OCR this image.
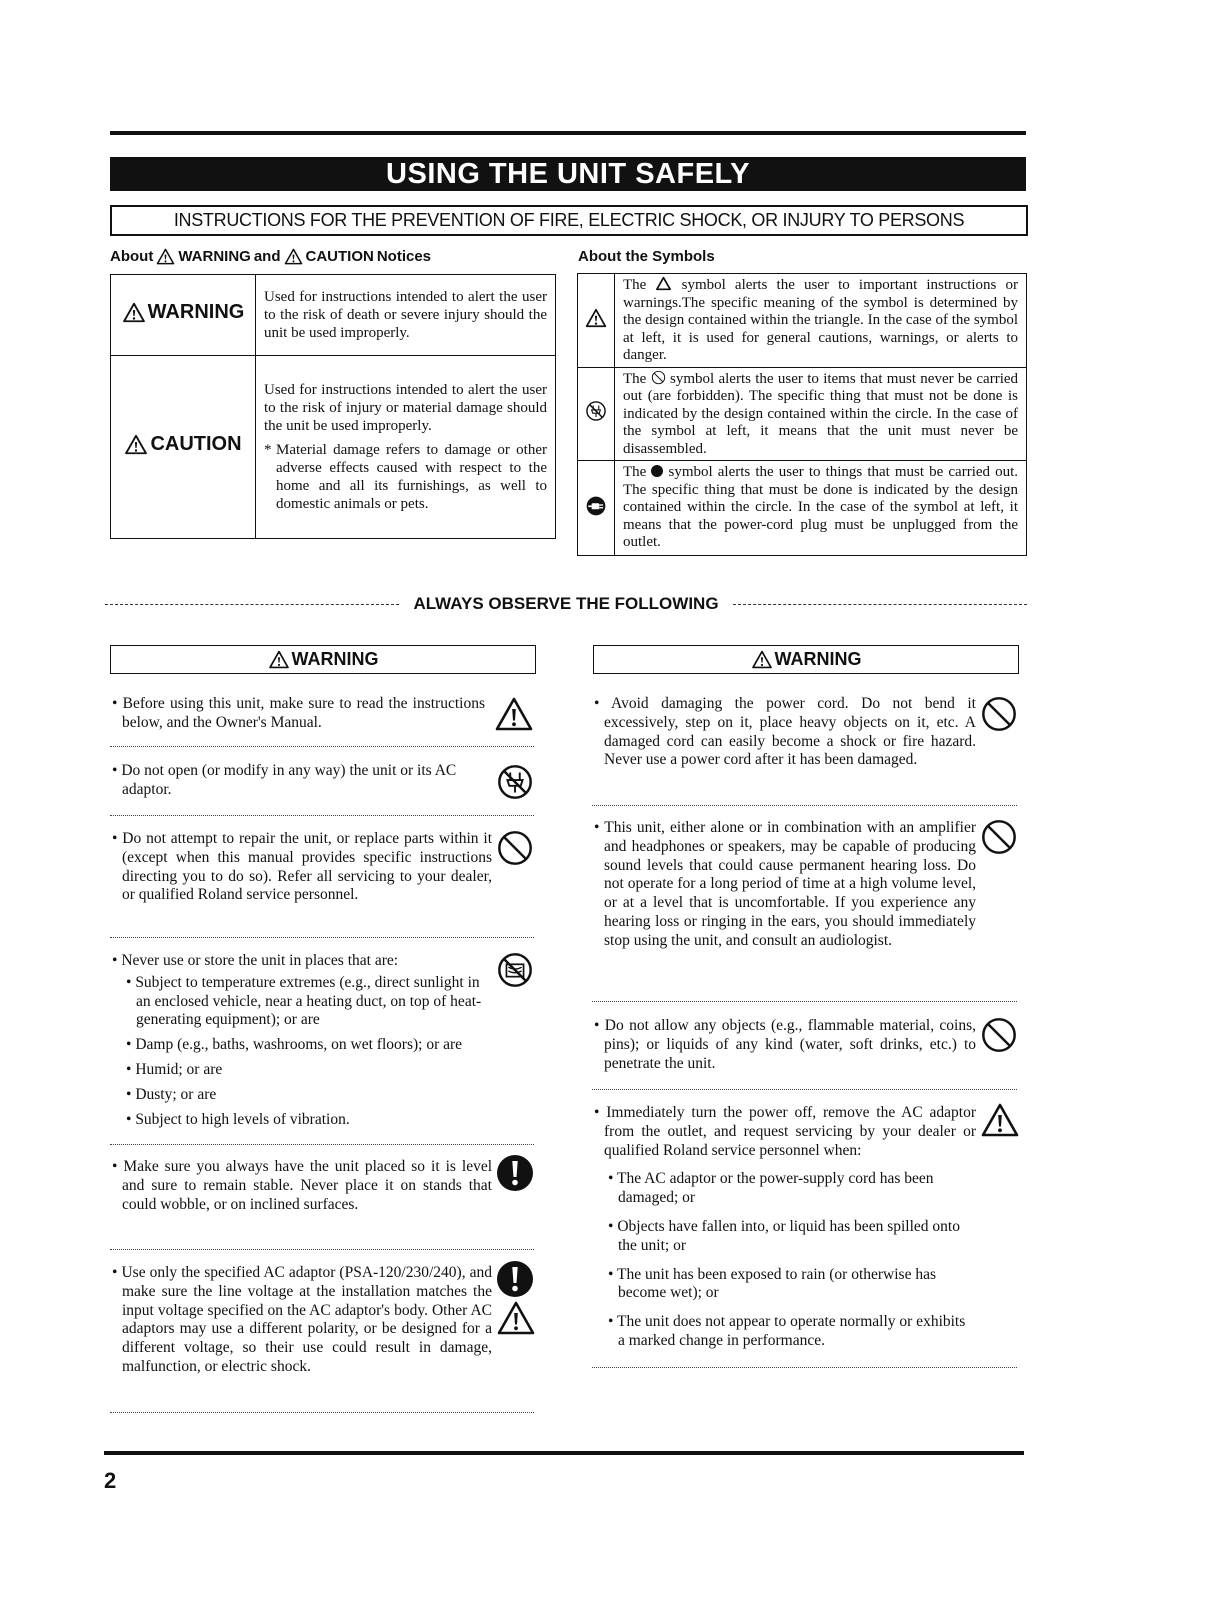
USING THE UNIT SAFELY
INSTRUCTIONS FOR THE PREVENTION OF FIRE, ELECTRIC SHOCK, OR INJURY TO PERSONS
About WARNING and CAUTION Notices
WARNING	Used for instructions intended to alert the user to the risk of death or severe injury should the unit be used improperly.

CAUTION	Used for instructions intended to alert the user to the risk of injury or material damage should the unit be used improperly.
* Material damage refers to damage or other adverse effects caused with respect to the home and all its furnishings, as well to domestic animals or pets.
About the Symbols
	The symbol alerts the user to important instructions or warnings.The specific meaning of the symbol is determined by the design contained within the triangle. In the case of the symbol at left, it is used for general cautions, warnings, or alerts to danger.

	The symbol alerts the user to items that must never be carried out (are forbidden). The specific thing that must not be done is indicated by the design contained within the circle. In the case of the symbol at left, it means that the unit must never be disassembled.

	The symbol alerts the user to things that must be carried out. The specific thing that must be done is indicated by the design contained within the circle. In the case of the symbol at left, it means that the power-cord plug must be unplugged from the outlet.
ALWAYS OBSERVE THE FOLLOWING
WARNING
• Before using this unit, make sure to read the instructions below, and the Owner's Manual.
• Do not open (or modify in any way) the unit or its AC adaptor.
• Do not attempt to repair the unit, or replace parts within it (except when this manual provides specific instructions directing you to do so). Refer all servicing to your dealer, or qualified Roland service personnel.
• Never use or store the unit in places that are:
• Subject to temperature extremes (e.g., direct sunlight in an enclosed vehicle, near a heating duct, on top of heat-generating equipment); or are
• Damp (e.g., baths, washrooms, on wet floors); or are
• Humid; or are
• Dusty; or are
• Subject to high levels of vibration.
• Make sure you always have the unit placed so it is level and sure to remain stable. Never place it on stands that could wobble, or on inclined surfaces.
• Use only the specified AC adaptor (PSA-120/230/240), and make sure the line voltage at the installation matches the input voltage specified on the AC adaptor's body. Other AC adaptors may use a different polarity, or be designed for a different voltage, so their use could result in damage, malfunction, or electric shock.
WARNING
• Avoid damaging the power cord. Do not bend it excessively, step on it, place heavy objects on it, etc. A damaged cord can easily become a shock or fire hazard. Never use a power cord after it has been damaged.
• This unit, either alone or in combination with an amplifier and headphones or speakers, may be capable of producing sound levels that could cause permanent hearing loss. Do not operate for a long period of time at a high volume level, or at a level that is uncomfortable. If you experience any hearing loss or ringing in the ears, you should immediately stop using the unit, and consult an audiologist.
• Do not allow any objects (e.g., flammable material, coins, pins); or liquids of any kind (water, soft drinks, etc.) to penetrate the unit.
• Immediately turn the power off, remove the AC adaptor from the outlet, and request servicing by your dealer or qualified Roland service personnel when:
• The AC adaptor or the power-supply cord has been damaged; or
• Objects have fallen into, or liquid has been spilled onto the unit; or
• The unit has been exposed to rain (or otherwise has become wet); or
• The unit does not appear to operate normally or exhibits a marked change in performance.
2
